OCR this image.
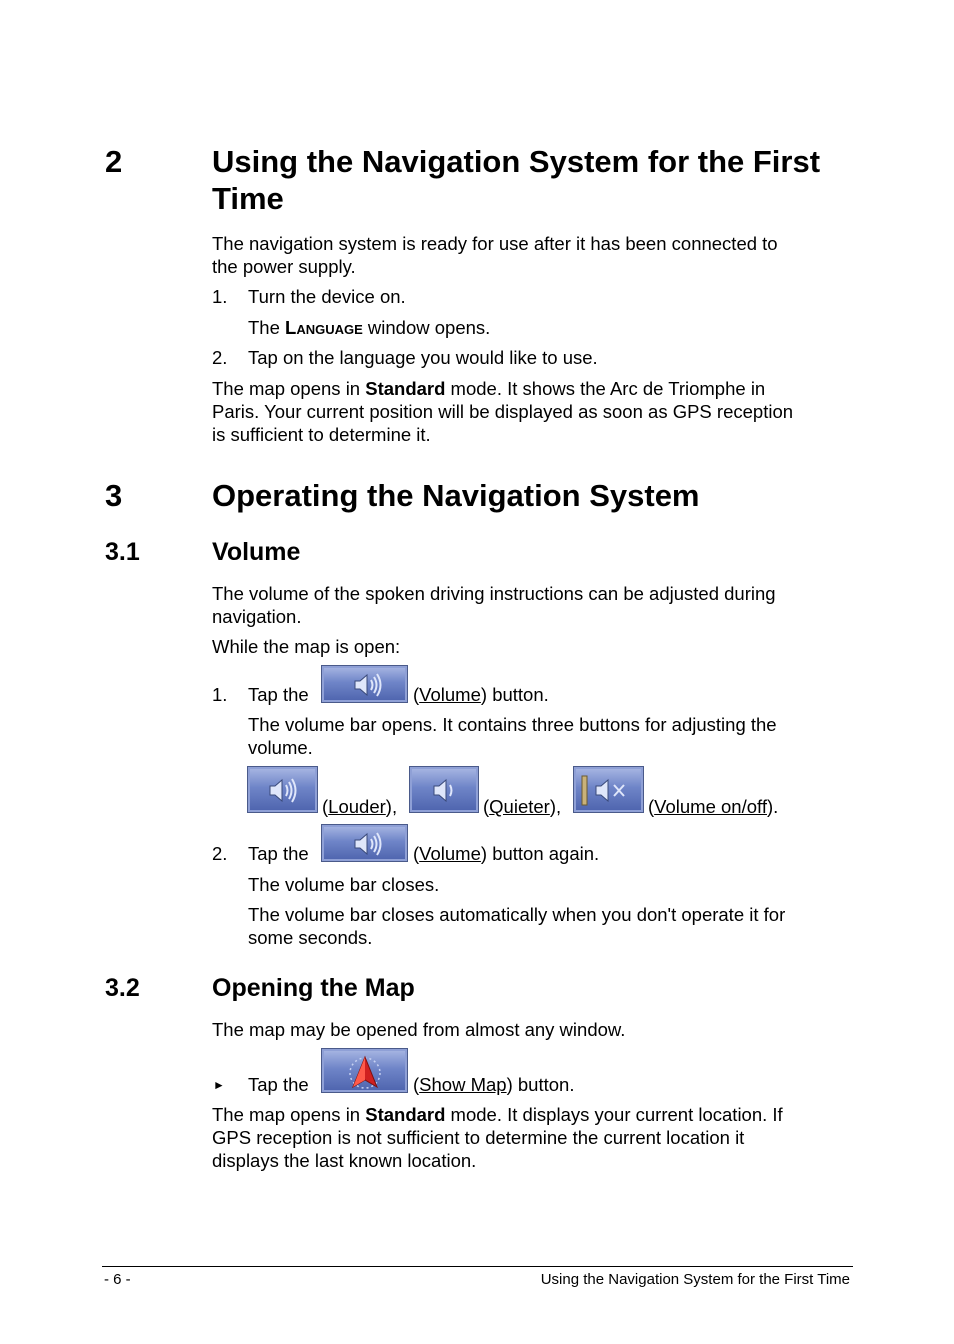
2	Using the Navigation System for the First
Time
The navigation system is ready for use after it has been connected to
the power supply.
1. Turn the device on.
The Language window opens.
2. Tap on the language you would like to use.
The map opens in Standard mode. It shows the Arc de Triomphe in
Paris. Your current position will be displayed as soon as GPS reception
is sufficient to determine it.
3	Operating the Navigation System
3.1	Volume
The volume of the spoken driving instructions can be adjusted during
navigation.
While the map is open:
1. Tap the	(Volume) button.
The volume bar opens. It contains three buttons for adjusting the
volume.
(Louder),	(Quieter),	(Volume on/off).
2. Tap the	(Volume) button again.
The volume bar closes.
The volume bar closes automatically when you don't operate it for
some seconds.
3.2	Opening the Map
The map may be opened from almost any window.
► Tap the	(Show Map) button.
The map opens in Standard mode. It displays your current location. If
GPS reception is not sufficient to determine the current location it
displays the last known location.
- 6 -	Using the Navigation System for the First Time
